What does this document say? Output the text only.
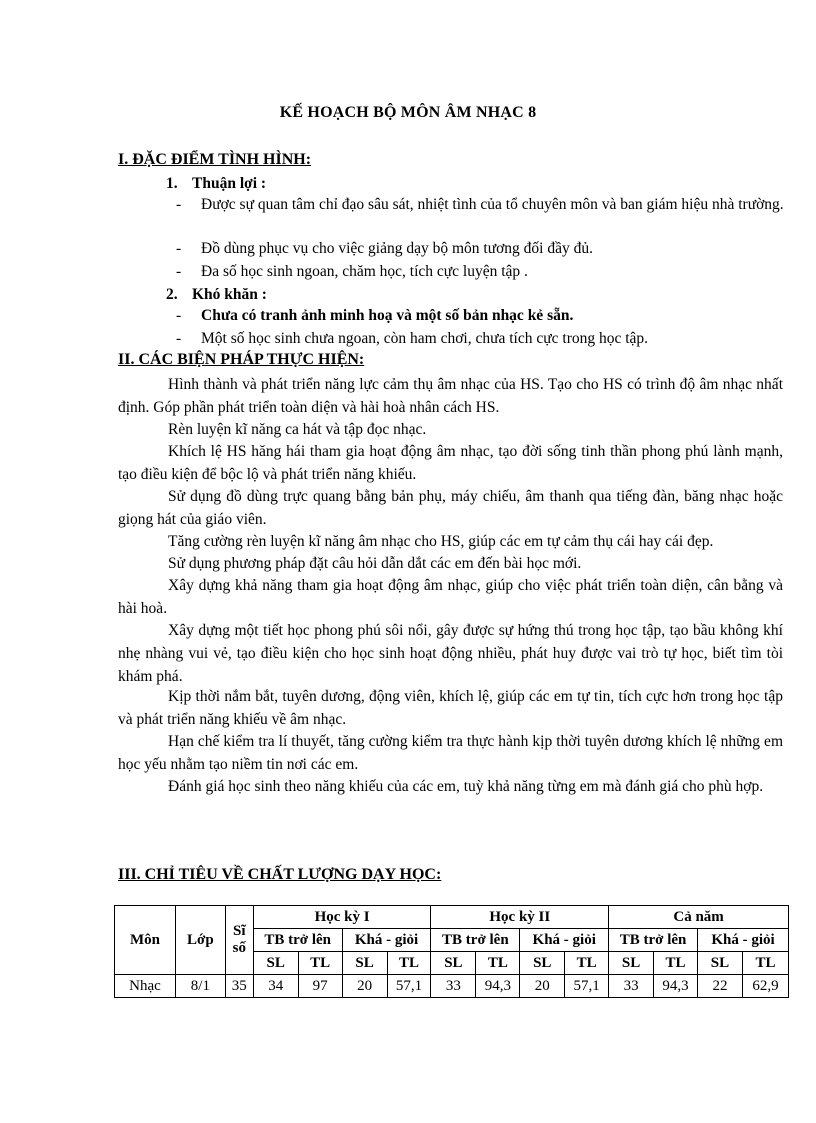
KẾ HOẠCH BỘ MÔN ÂM NHẠC 8
I. ĐẶC ĐIỂM TÌNH HÌNH:
1. Thuận lợi :
-	Được sự quan tâm chỉ đạo sâu sát, nhiệt tình của tổ chuyên môn và ban giám hiệu nhà trường.
-	Đồ dùng phục vụ cho việc giảng dạy bộ môn tương đối đầy đủ.
-	Đa số học sinh ngoan, chăm học, tích cực luyện tập .
2. Khó khăn :
-	Chưa có tranh ảnh minh hoạ và một số bản nhạc kẻ sẵn.
-	Một số học sinh chưa ngoan, còn ham chơi, chưa tích cực trong học tập.
II. CÁC BIỆN PHÁP THỰC HIỆN:
Hình thành và phát triển năng lực cảm thụ âm nhạc của HS. Tạo cho HS có trình độ âm nhạc nhất định. Góp phần phát triển toàn diện và hài hoà nhân cách HS.
Rèn luyện kĩ năng ca hát và tập đọc nhạc.
Khích lệ HS hăng hái tham gia hoạt động âm nhạc, tạo đời sống tinh thần phong phú lành mạnh, tạo điều kiện để bộc lộ và phát triển năng khiếu.
Sử dụng đồ dùng trực quang bằng bản phụ, máy chiếu, âm thanh qua tiếng đàn, băng nhạc hoặc giọng hát của giáo viên.
Tăng cường rèn luyện kĩ năng âm nhạc cho HS, giúp các em tự cảm thụ cái hay cái đẹp.
Sử dụng phương pháp đặt câu hỏi dẫn dắt các em đến bài học mới.
Xây dựng khả năng tham gia hoạt động âm nhạc, giúp cho việc phát triển toàn diện, cân bằng và hài hoà.
Xây dựng một tiết học phong phú sôi nổi, gây được sự hứng thú trong học tập, tạo bầu không khí nhẹ nhàng vui vẻ, tạo điều kiện cho học sinh hoạt động nhiều, phát huy được vai trò tự học, biết tìm tòi khám phá.
Kịp thời nắm bắt, tuyên dương, động viên, khích lệ, giúp các em tự tin, tích cực hơn trong học tập và phát triển năng khiếu về âm nhạc.
Hạn chế kiểm tra lí thuyết, tăng cường kiểm tra thực hành kịp thời tuyên dương khích lệ những em học yếu nhằm tạo niềm tin nơi các em.
Đánh giá học sinh theo năng khiếu của các em, tuỳ khả năng từng em mà đánh giá cho phù hợp.
III. CHỈ TIÊU VỀ CHẤT LƯỢNG DẠY HỌC:
Môn	Lớp	Sĩ số	Học kỳ I				Học kỳ II				Cả năm			
			TB trở lên		Khá - giỏi		TB trở lên		Khá - giỏi		TB trở lên		Khá - giỏi	
			SL	TL	SL	TL	SL	TL	SL	TL	SL	TL	SL	TL
Nhạc	8/1	35	34	97	20	57,1	33	94,3	20	57,1	33	94,3	22	62,9
